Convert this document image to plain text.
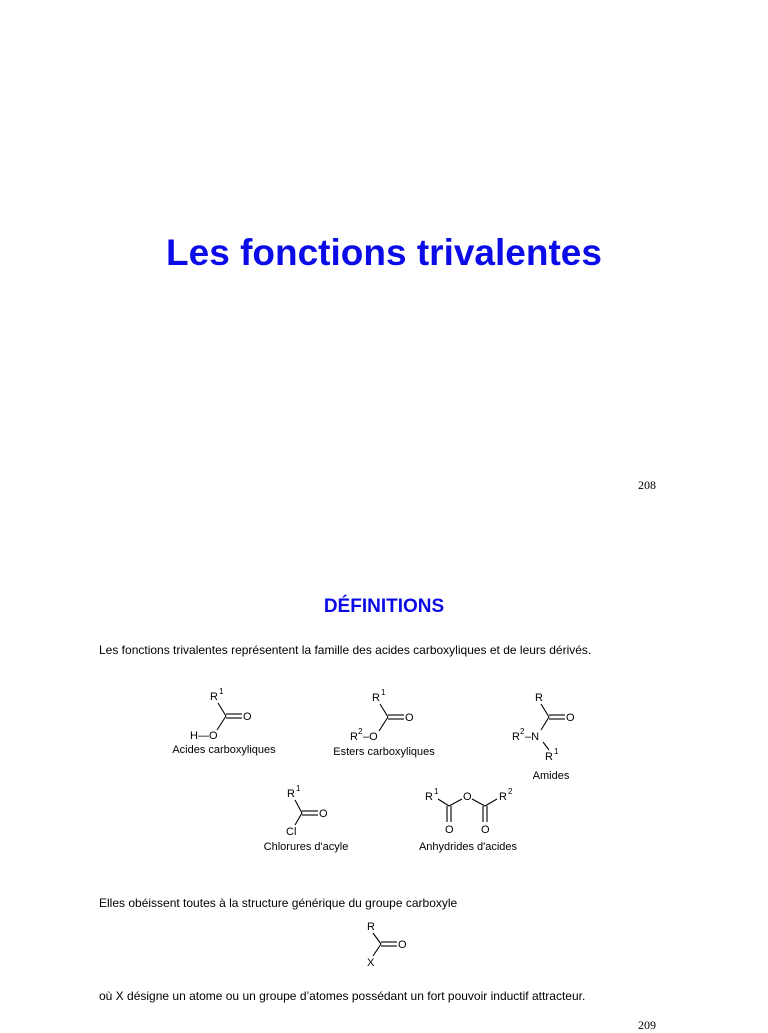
Les fonctions trivalentes
208
DÉFINITIONS
Les fonctions trivalentes représentent la famille des acides carboxyliques et de leurs dérivés.
R 1
O
H—O
Acides carboxyliques
R 1
O
R 2 –O
Esters carboxyliques
R
O
R 2 –N
R 1
Amides
R 1
O
Cl
Chlorures d'acyle
R 1 O R 2
O O
Anhydrides d'acides
R
O
X
Elles obéissent toutes à la structure générique du groupe carboxyle
où X désigne un atome ou un groupe d’atomes possédant un fort pouvoir inductif attracteur.
209
